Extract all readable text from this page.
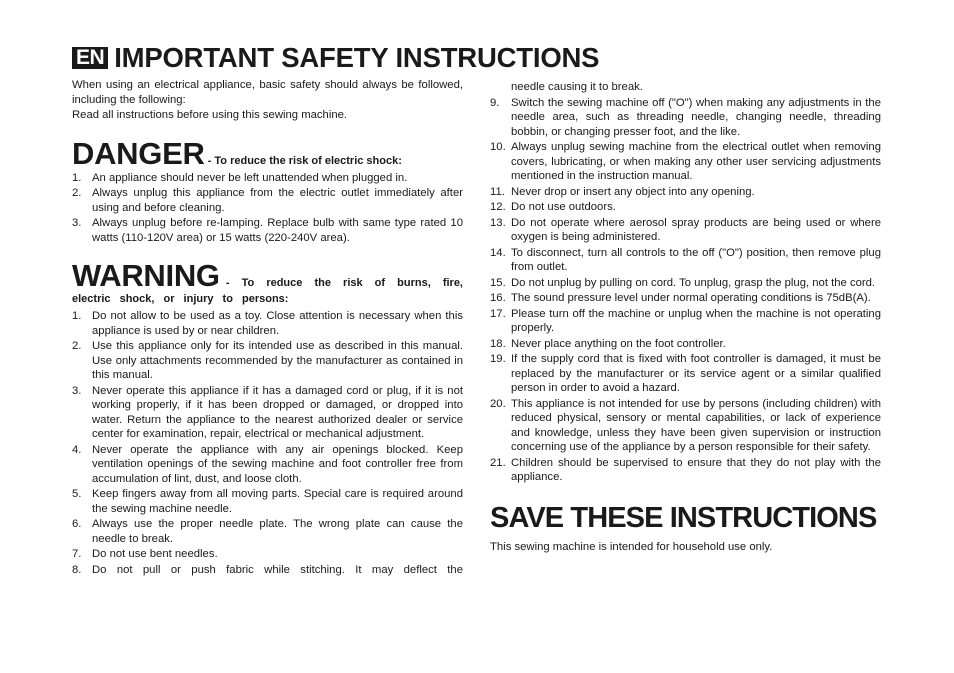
EN IMPORTANT SAFETY INSTRUCTIONS

When using an electrical appliance, basic safety should always be followed, including the following:

Read all instructions before using this sewing machine.

DANGER - To reduce the risk of electric shock:

1. An appliance should never be left unattended when plugged in.
2. Always unplug this appliance from the electric outlet immediately after using and before cleaning.
3. Always unplug before re-lamping. Replace bulb with same type rated 10 watts (110-120V area) or 15 watts (220-240V area).

WARNING - To reduce the risk of burns, fire, electric shock, or injury to persons:

1. Do not allow to be used as a toy. Close attention is necessary when this appliance is used by or near children.
2. Use this appliance only for its intended use as described in this manual. Use only attachments recommended by the manufacturer as contained in this manual.
3. Never operate this appliance if it has a damaged cord or plug, if it is not working properly, if it has been dropped or damaged, or dropped into water. Return the appliance to the nearest authorized dealer or service center for examination, repair, electrical or mechanical adjustment.
4. Never operate the appliance with any air openings blocked. Keep ventilation openings of the sewing machine and foot controller free from accumulation of lint, dust, and loose cloth.
5. Keep fingers away from all moving parts. Special care is required around the sewing machine needle.
6. Always use the proper needle plate. The wrong plate can cause the needle to break.
7. Do not use bent needles.
8. Do not pull or push fabric while stitching. It may deflect the

needle causing it to break.

9.	Switch the sewing machine off ("O") when making any adjustments in the needle area, such as threading needle, changing needle, threading bobbin, or changing presser foot, and the like.
10. Always unplug sewing machine from the electrical outlet when removing covers, lubricating, or when making any other user servicing adjustments mentioned in the instruction manual.
11. Never drop or insert any object into any opening.
12. Do not use outdoors.
13. Do not operate where aerosol spray products are being used or where oxygen is being administered.
14. To disconnect, turn all controls to the off ("O") position, then remove plug from outlet.
15. Do not unplug by pulling on cord. To unplug, grasp the plug, not the cord.
16. The sound pressure level under normal operating conditions is 75dB(A).
17. Please turn off the machine or unplug when the machine is not operating properly.
18. Never place anything on the foot controller.
19. If the supply cord that is fixed with foot controller is damaged, it must be replaced by the manufacturer or its service agent or a similar qualified person in order to avoid a hazard.
20. This appliance is not intended for use by persons (including children) with reduced physical, sensory or mental capabilities, or lack of experience and knowledge, unless they have been given supervision or instruction concerning use of the appliance by a person responsible for their safety.
21. Children should be supervised to ensure that they do not play with the appliance.
SAVE THESE INSTRUCTIONS

This sewing machine is intended for household use only.
